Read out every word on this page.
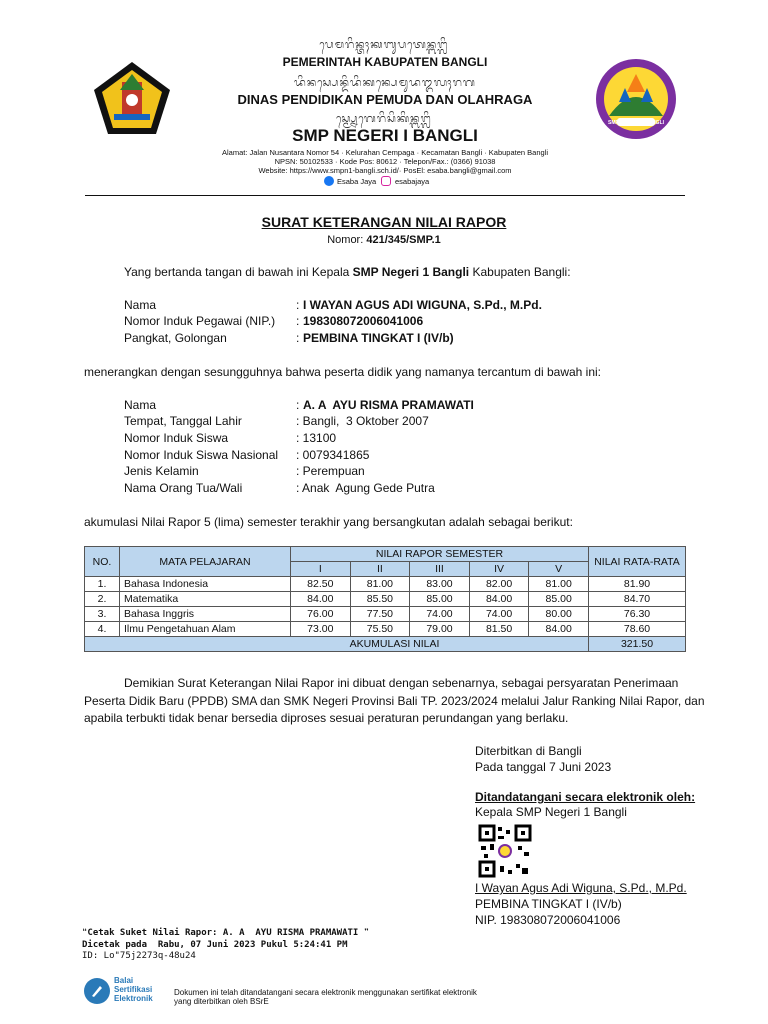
ᬧᬾᬫᬭᬶᬦ᭄ᬢᬄᬓᬩᬸᬧᬢᬾᬦ᭄ᬩᬗ᭄ᬮᬶ
PEMERINTAH KABUPATEN BANGLI
ᬤᬶᬦᬲ᭄ᬧᬾᬦ᭄ᬤᬶᬤᬶᬓᬦ᭄ᬧᬾᬫᬸᬤᬑᬮᬄᬭᬕ
DINAS PENDIDIKAN PEMUDA DAN OLAHRAGA
ᬲ᭄ᬫ᭄ᬧ᭄ᬦᬾᬕᬾᬭᬶᬲᬶᬓᬶᬦ᭄ᬩᬗ᭄ᬮᬶ
SMP NEGERI I BANGLI
Alamat: Jalan Nusantara Nomor 54 · Kelurahan Cempaga · Kecamatan Bangli · Kabupaten Bangli
NPSN: 50102533 · Kode Pos: 80612 · Telepon/Fax.: (0366) 91038
Website: https://www.smpn1-bangli.sch.id/· PosEl: esaba.bangli@gmail.com
Esaba Jaya	esabajaya
SMP NEGERI 1 BANGLI
SURAT KETERANGAN NILAI RAPOR
Nomor: 421/345/SMP.1
Yang bertanda tangan di bawah ini Kepala SMP Negeri 1 Bangli Kabupaten Bangli:
Nama	: I WAYAN AGUS ADI WIGUNA, S.Pd., M.Pd.
Nomor Induk Pegawai (NIP.) : 198308072006041006
Pangkat, Golongan	: PEMBINA TINGKAT I (IV/b)
menerangkan dengan sesungguhnya bahwa peserta didik yang namanya tercantum di bawah ini:
Nama	: A. A  AYU RISMA PRAMAWATI
Tempat, Tanggal Lahir	: Bangli,  3 Oktober 2007
Nomor Induk Siswa	: 13100
Nomor Induk Siswa Nasional : 0079341865
Jenis Kelamin	: Perempuan
Nama Orang Tua/Wali	: Anak  Agung Gede Putra
akumulasi Nilai Rapor 5 (lima) semester terakhir yang bersangkutan adalah sebagai berikut:
NO.	MATA PELAJARAN	NILAI RAPOR SEMESTER					NILAI RATA-RATA
		I	II	III	IV	V	
1.	Bahasa Indonesia	82.50	81.00	83.00	82.00	81.00	81.90
2.	Matematika	84.00	85.50	85.00	84.00	85.00	84.70
3.	Bahasa Inggris	76.00	77.50	74.00	74.00	80.00	76.30
4.	Ilmu Pengetahuan Alam	73.00	75.50	79.00	81.50	84.00	78.60
AKUMULASI NILAI							321.50
Demikian Surat Keterangan Nilai Rapor ini dibuat dengan sebenarnya, sebagai persyaratan Penerimaan
Peserta Didik Baru (PPDB) SMA dan SMK Negeri Provinsi Bali TP. 2023/2024 melalui Jalur Ranking Nilai Rapor, dan
apabila terbukti tidak benar bersedia diproses sesuai peraturan perundangan yang berlaku.
Diterbitkan di Bangli
Pada tanggal 7 Juni 2023
Ditandatangani secara elektronik oleh:
Kepala SMP Negeri 1 Bangli
I Wayan Agus Adi Wiguna, S.Pd., M.Pd.
PEMBINA TINGKAT I (IV/b)
NIP. 198308072006041006
❝Cetak Suket Nilai Rapor: A. A  AYU RISMA PRAMAWATI ❞
Dicetak pada  Rabu, 07 Juni 2023 Pukul 5:24:41 PM
ID: Lo"75j2273q-48u24
Balai
Sertifikasi
Elektronik
Dokumen ini telah ditandatangani secara elektronik menggunakan sertifikat elektronik
yang diterbitkan oleh BSrE
